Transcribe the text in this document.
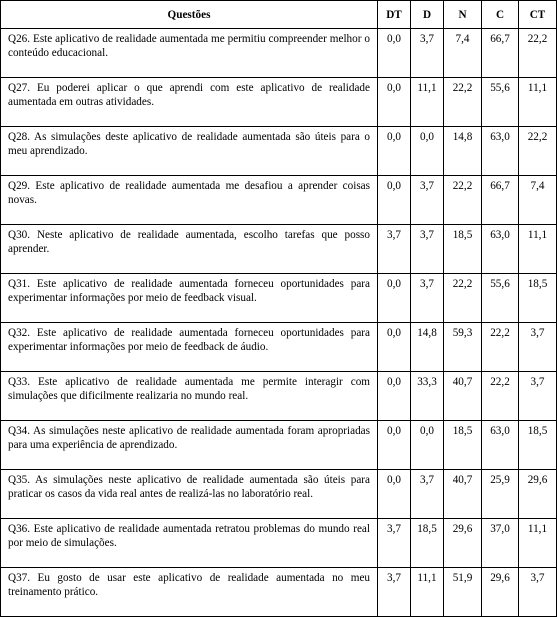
Questões	DT	D	N	C	CT
Q26. Este aplicativo de realidade aumentada me permitiu compreender melhor o conteúdo educacional.	0,0	3,7	7,4	66,7	22,2
Q27. Eu poderei aplicar o que aprendi com este aplicativo de realidade aumentada em outras atividades.	0,0	11,1	22,2	55,6	11,1
Q28. As simulações deste aplicativo de realidade aumentada são úteis para o meu aprendizado.	0,0	0,0	14,8	63,0	22,2
Q29. Este aplicativo de realidade aumentada me desafiou a aprender coisas novas.	0,0	3,7	22,2	66,7	7,4
Q30. Neste aplicativo de realidade aumentada, escolho tarefas que posso aprender.	3,7	3,7	18,5	63,0	11,1
Q31. Este aplicativo de realidade aumentada forneceu oportunidades para experimentar informações por meio de feedback visual.	0,0	3,7	22,2	55,6	18,5
Q32. Este aplicativo de realidade aumentada forneceu oportunidades para experimentar informações por meio de feedback de áudio.	0,0	14,8	59,3	22,2	3,7
Q33. Este aplicativo de realidade aumentada me permite interagir com simulações que dificilmente realizaria no mundo real.	0,0	33,3	40,7	22,2	3,7
Q34. As simulações neste aplicativo de realidade aumentada foram apropriadas para uma experiência de aprendizado.	0,0	0,0	18,5	63,0	18,5
Q35. As simulações neste aplicativo de realidade aumentada são úteis para praticar os casos da vida real antes de realizá-las no laboratório real.	0,0	3,7	40,7	25,9	29,6
Q36. Este aplicativo de realidade aumentada retratou problemas do mundo real por meio de simulações.	3,7	18,5	29,6	37,0	11,1
Q37. Eu gosto de usar este aplicativo de realidade aumentada no meu treinamento prático.	3,7	11,1	51,9	29,6	3,7
